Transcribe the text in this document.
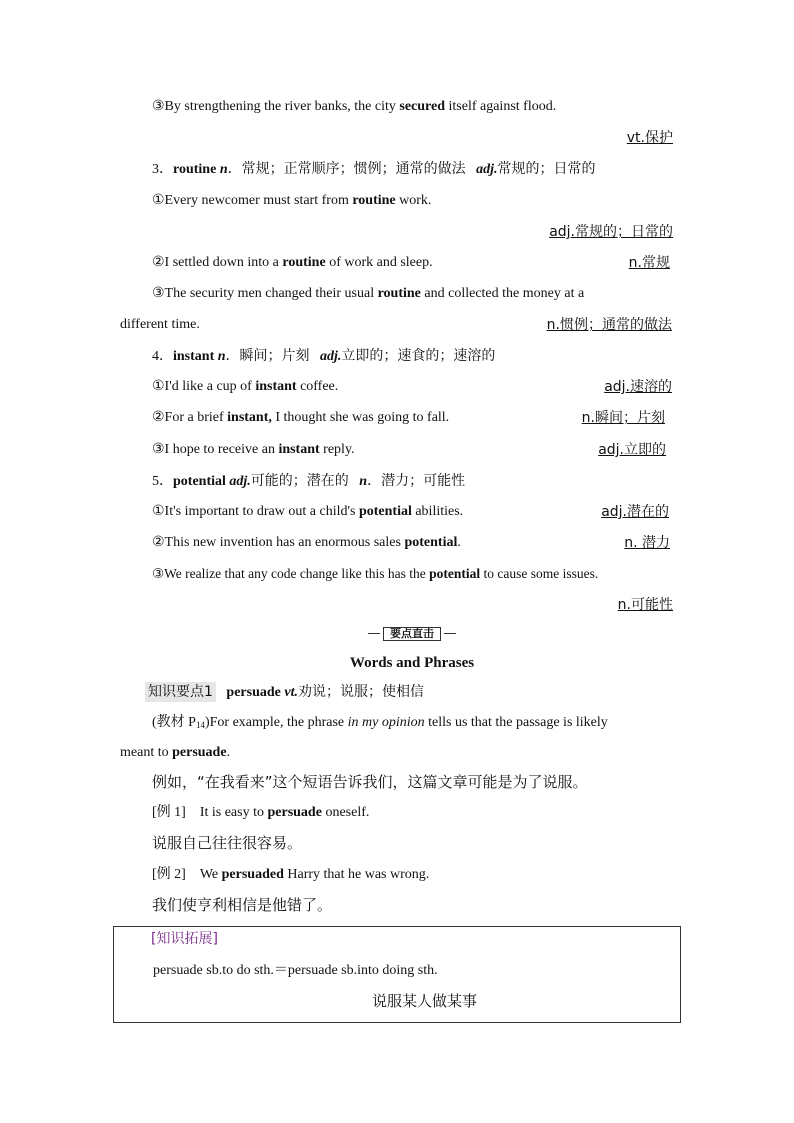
③By strengthening the river banks, the city secured itself against flood.
vt.保护
3．routine n．常规；正常顺序；惯例；通常的做法 adj.常规的；日常的
①Every newcomer must start from routine work.
adj.常规的；日常的
②I settled down into a routine of work and sleep.	n.常规
③The security men changed their usual routine and collected the money at a
different time.	n.惯例；通常的做法
4．instant n．瞬间；片刻 adj.立即的；速食的；速溶的
①I'd like a cup of instant coffee.	adj.速溶的
②For a brief instant, I thought she was going to fall.	n.瞬间；片刻
③I hope to receive an instant reply.	adj.立即的
5．potential adj.可能的；潜在的 n．潜力；可能性
①It's important to draw out a child's potential abilities.	adj.潜在的
②This new invention has an enormous sales potential.	n. 潜力
③We realize that any code change like this has the potential to cause some issues.
n.可能性
要点直击
Words and Phrases
知识要点1 persuade vt.劝说；说服；使相信
(教材 $P_{14})For$ example, the phrase in my opinion tells us that the passage is likely
meant to persuade.
例如，“在我看来”这个短语告诉我们，这篇文章可能是为了说服。
[例 1] It is easy to persuade oneself.
说服自己往往很容易。
[例 2] We persuaded Harry that he was wrong.
我们使亨利相信是他错了。
[知识拓展]
persuade sb.to do sth.＝persuade sb.into doing sth.
说服某人做某事
